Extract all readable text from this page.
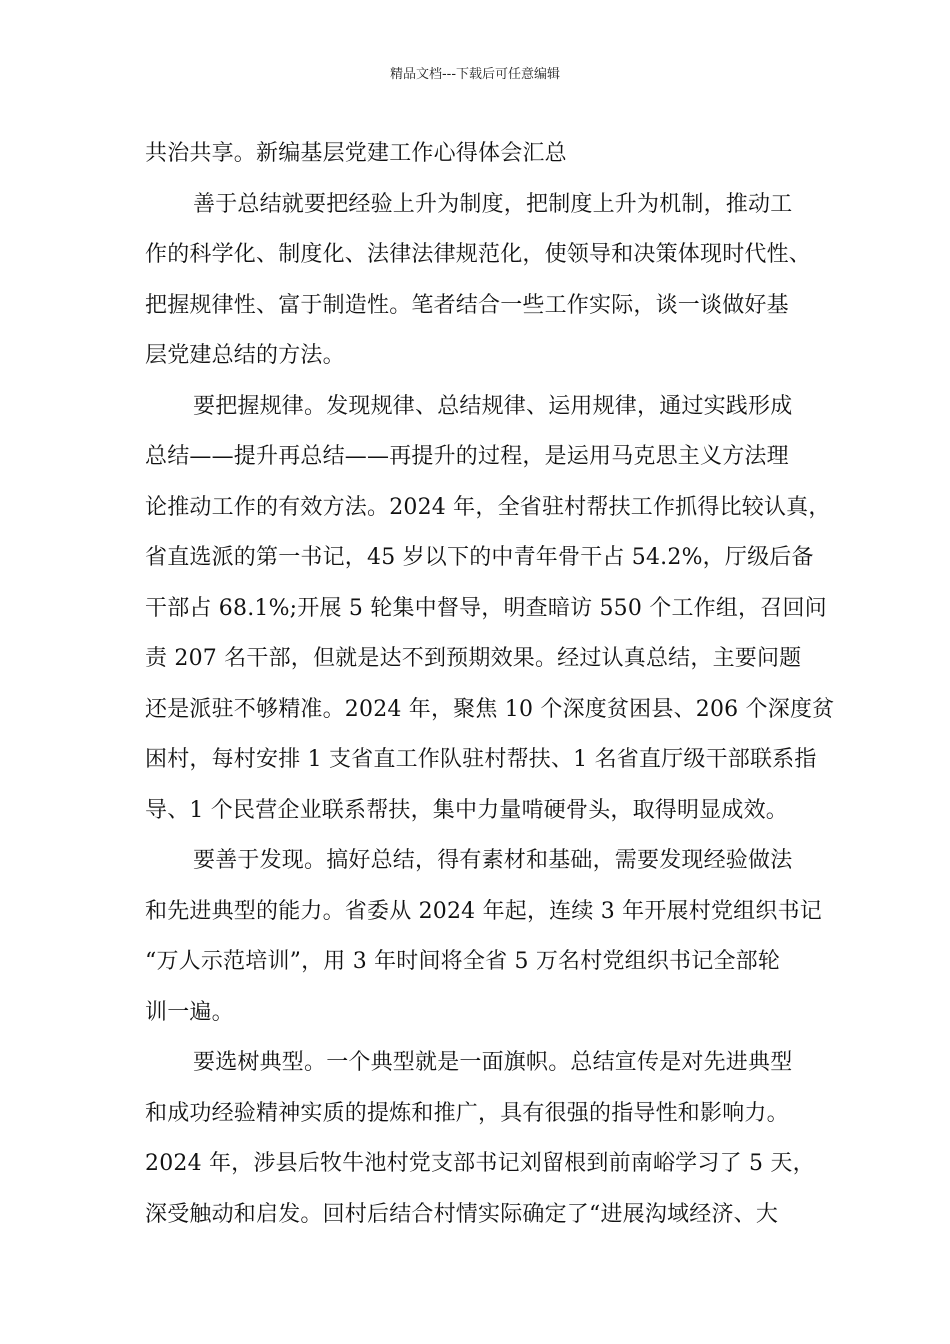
精品文档---下载后可任意编辑
共治共享。新编基层党建工作心得体会汇总
善于总结就要把经验上升为制度，把制度上升为机制，推动工
作的科学化、制度化、法律法律规范化，使领导和决策体现时代性、
把握规律性、富于制造性。笔者结合一些工作实际，谈一谈做好基
层党建总结的方法。
要把握规律。发现规律、总结规律、运用规律，通过实践形成
总结——提升再总结——再提升的过程，是运用马克思主义方法理
论推动工作的有效方法。2024 年，全省驻村帮扶工作抓得比较认真，
省直选派的第一书记，45 岁以下的中青年骨干占 54.2%，厅级后备
干部占 68.1%;开展 5 轮集中督导，明查暗访 550 个工作组，召回问
责 207 名干部，但就是达不到预期效果。经过认真总结，主要问题
还是派驻不够精准。2024 年，聚焦 10 个深度贫困县、206 个深度贫
困村，每村安排 1 支省直工作队驻村帮扶、1 名省直厅级干部联系指
导、1 个民营企业联系帮扶，集中力量啃硬骨头，取得明显成效。
要善于发现。搞好总结，得有素材和基础，需要发现经验做法
和先进典型的能力。省委从 2024 年起，连续 3 年开展村党组织书记
“万人示范培训”，用 3 年时间将全省 5 万名村党组织书记全部轮
训一遍。
要选树典型。一个典型就是一面旗帜。总结宣传是对先进典型
和成功经验精神实质的提炼和推广，具有很强的指导性和影响力。
2024 年，涉县后牧牛池村党支部书记刘留根到前南峪学习了 5 天，
深受触动和启发。回村后结合村情实际确定了“进展沟域经济、大
